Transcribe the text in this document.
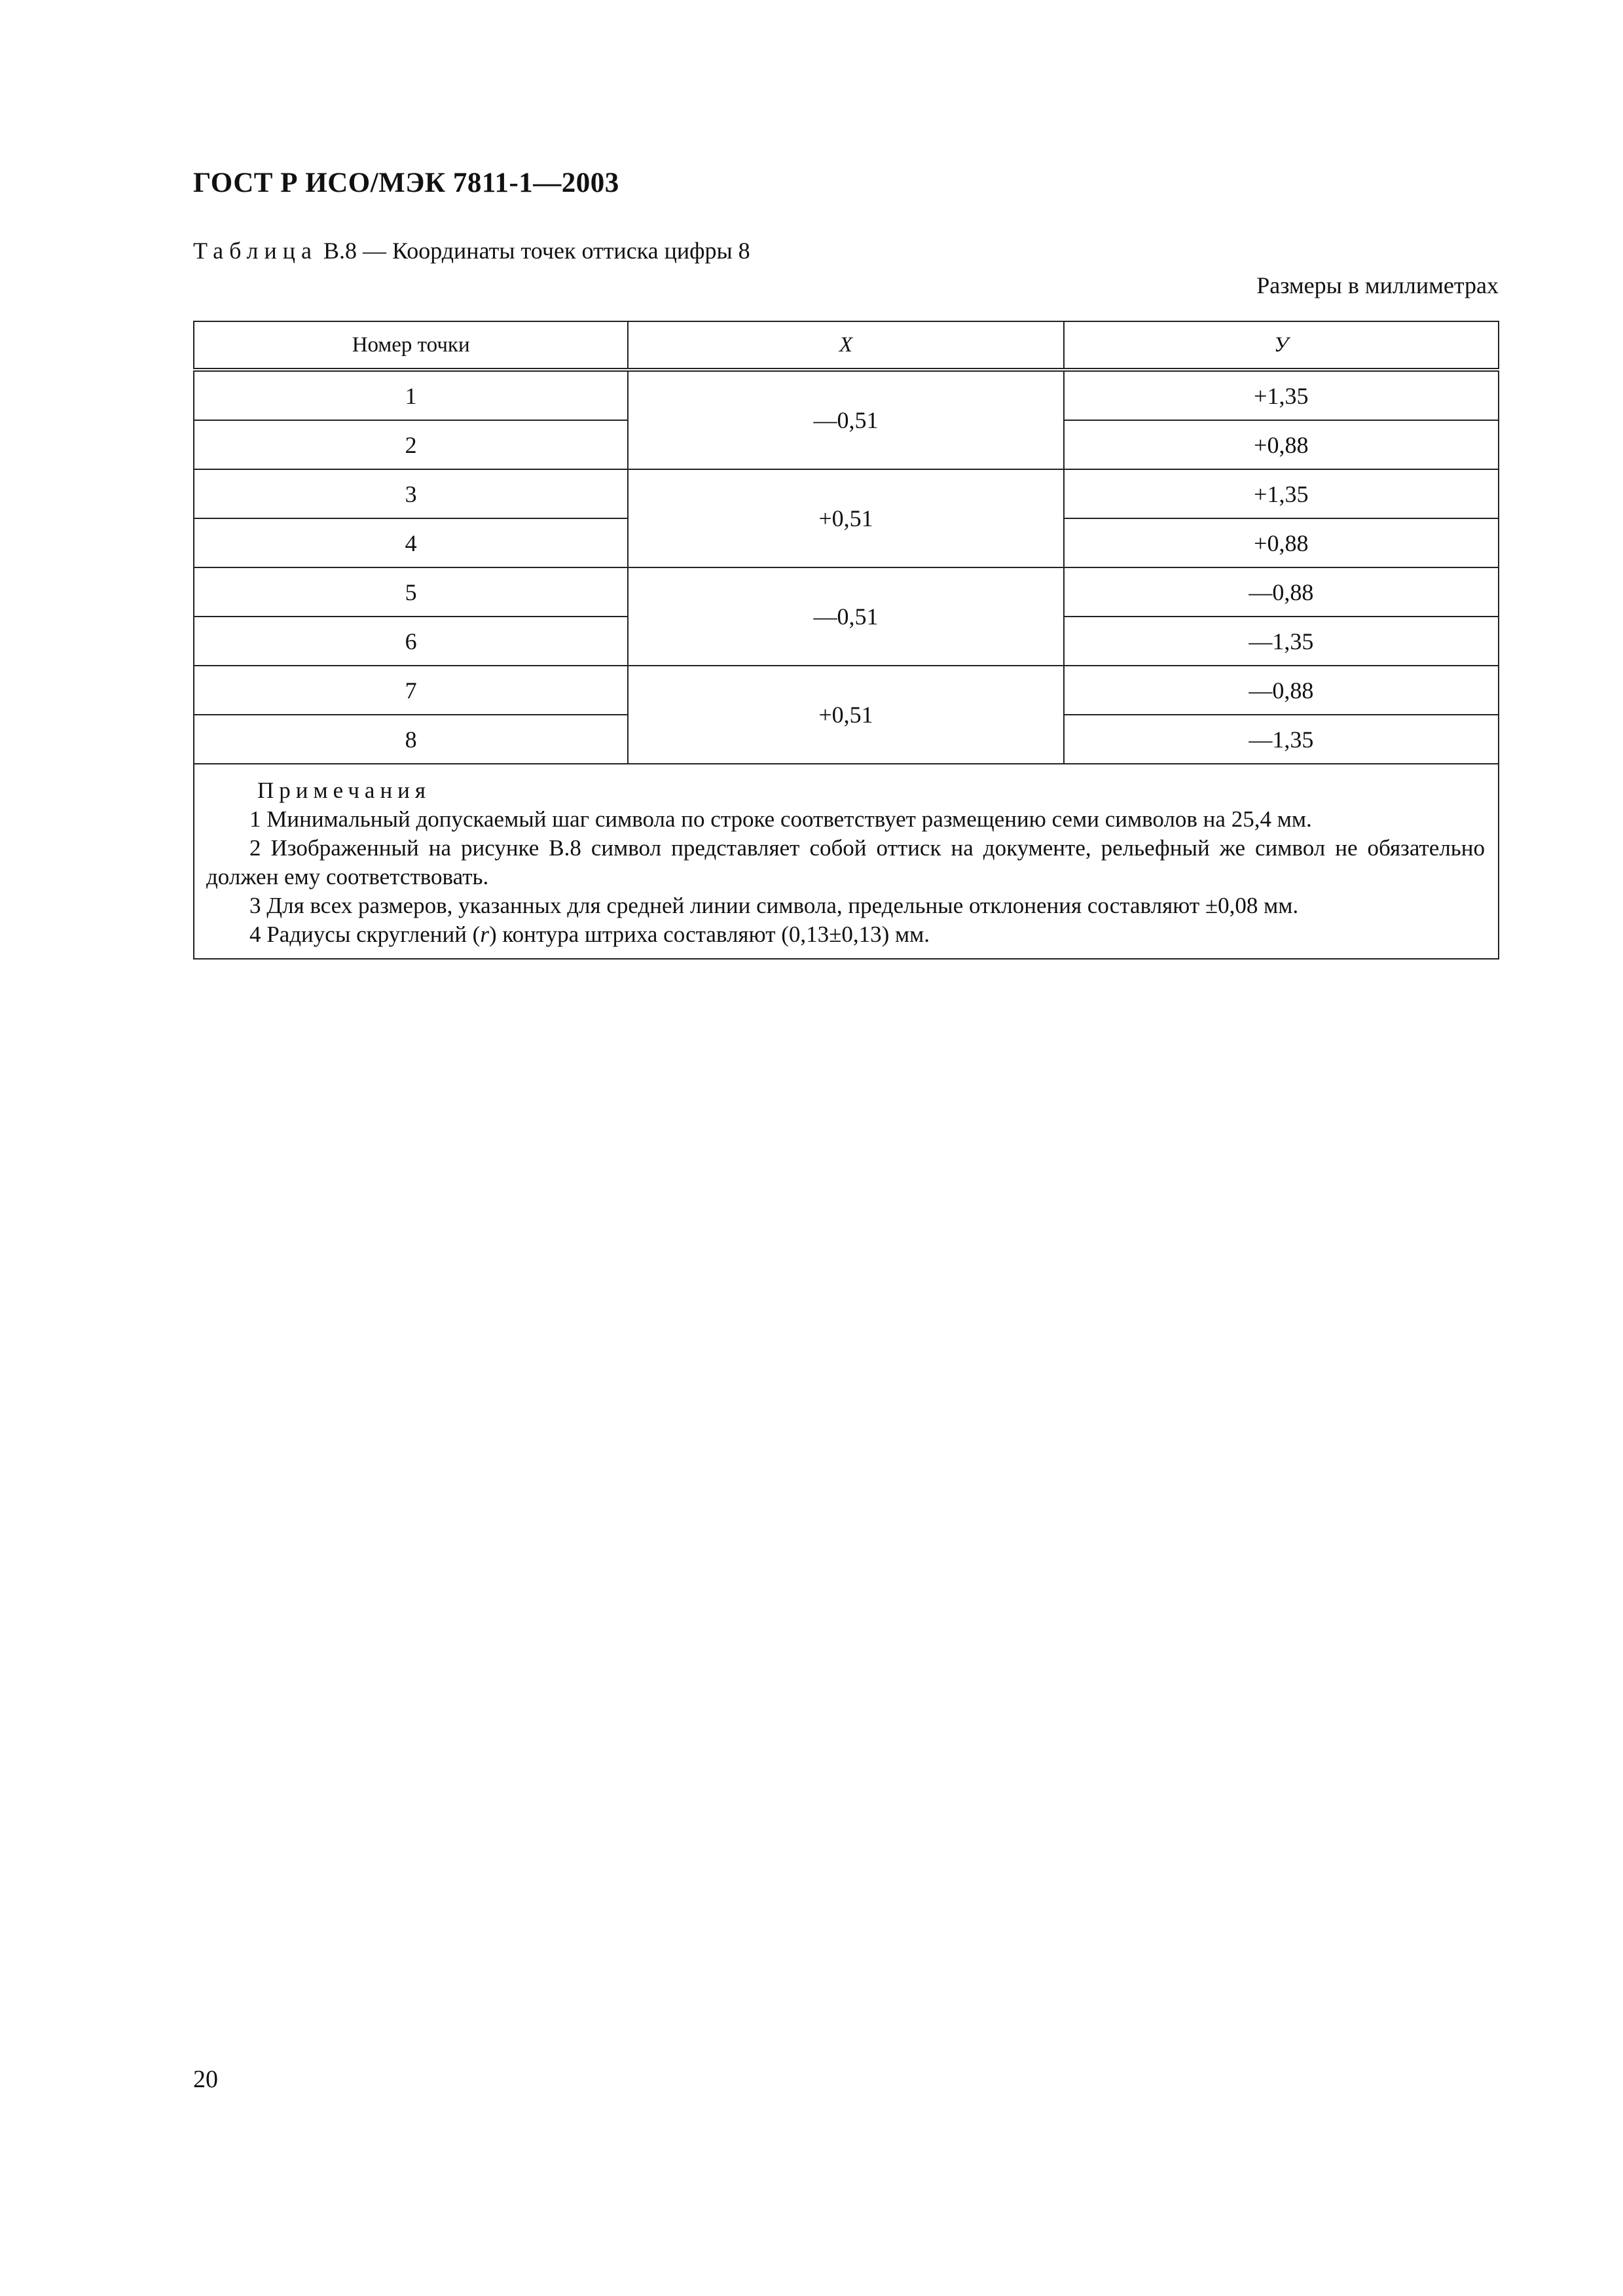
ГОСТ Р ИСО/МЭК 7811-1—2003
Таблица В.8 — Координаты точек оттиска цифры 8
Размеры в миллиметрах
Номер точки	X	У
1	—0,51	+1,35
2		+0,88
3	+0,51	+1,35
4		+0,88
5	—0,51	—0,88
6		—1,35
7	+0,51	—0,88
8		—1,35

Примечания
1 Минимальный допускаемый шаг символа по строке соответствует размещению семи символов на 25,4 мм.
2 Изображенный на рисунке В.8 символ представляет собой оттиск на документе, рельефный же символ не обязательно должен ему соответствовать.
3 Для всех размеров, указанных для средней линии символа, предельные отклонения составляют ±0,08 мм.
4 Радиусы скруглений (r) контура штриха составляют (0,13±0,13) мм.		
20
